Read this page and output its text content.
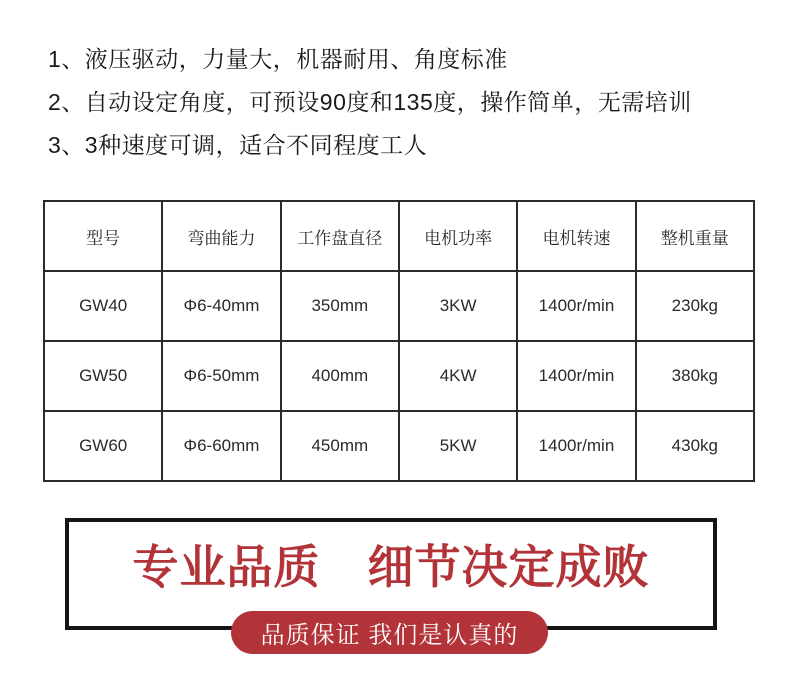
1、液压驱动，力量大，机器耐用、角度标准
2、自动设定角度，可预设90度和135度，操作简单，无需培训
3、3种速度可调，适合不同程度工人
型号	弯曲能力	工作盘直径	电机功率	电机转速	整机重量
GW40	Φ6-40mm	350mm	3KW	1400r/min	230kg
GW50	Φ6-50mm	400mm	4KW	1400r/min	380kg
GW60	Φ6-60mm	450mm	5KW	1400r/min	430kg
专业品质　细节决定成败
品质保证 我们是认真的
